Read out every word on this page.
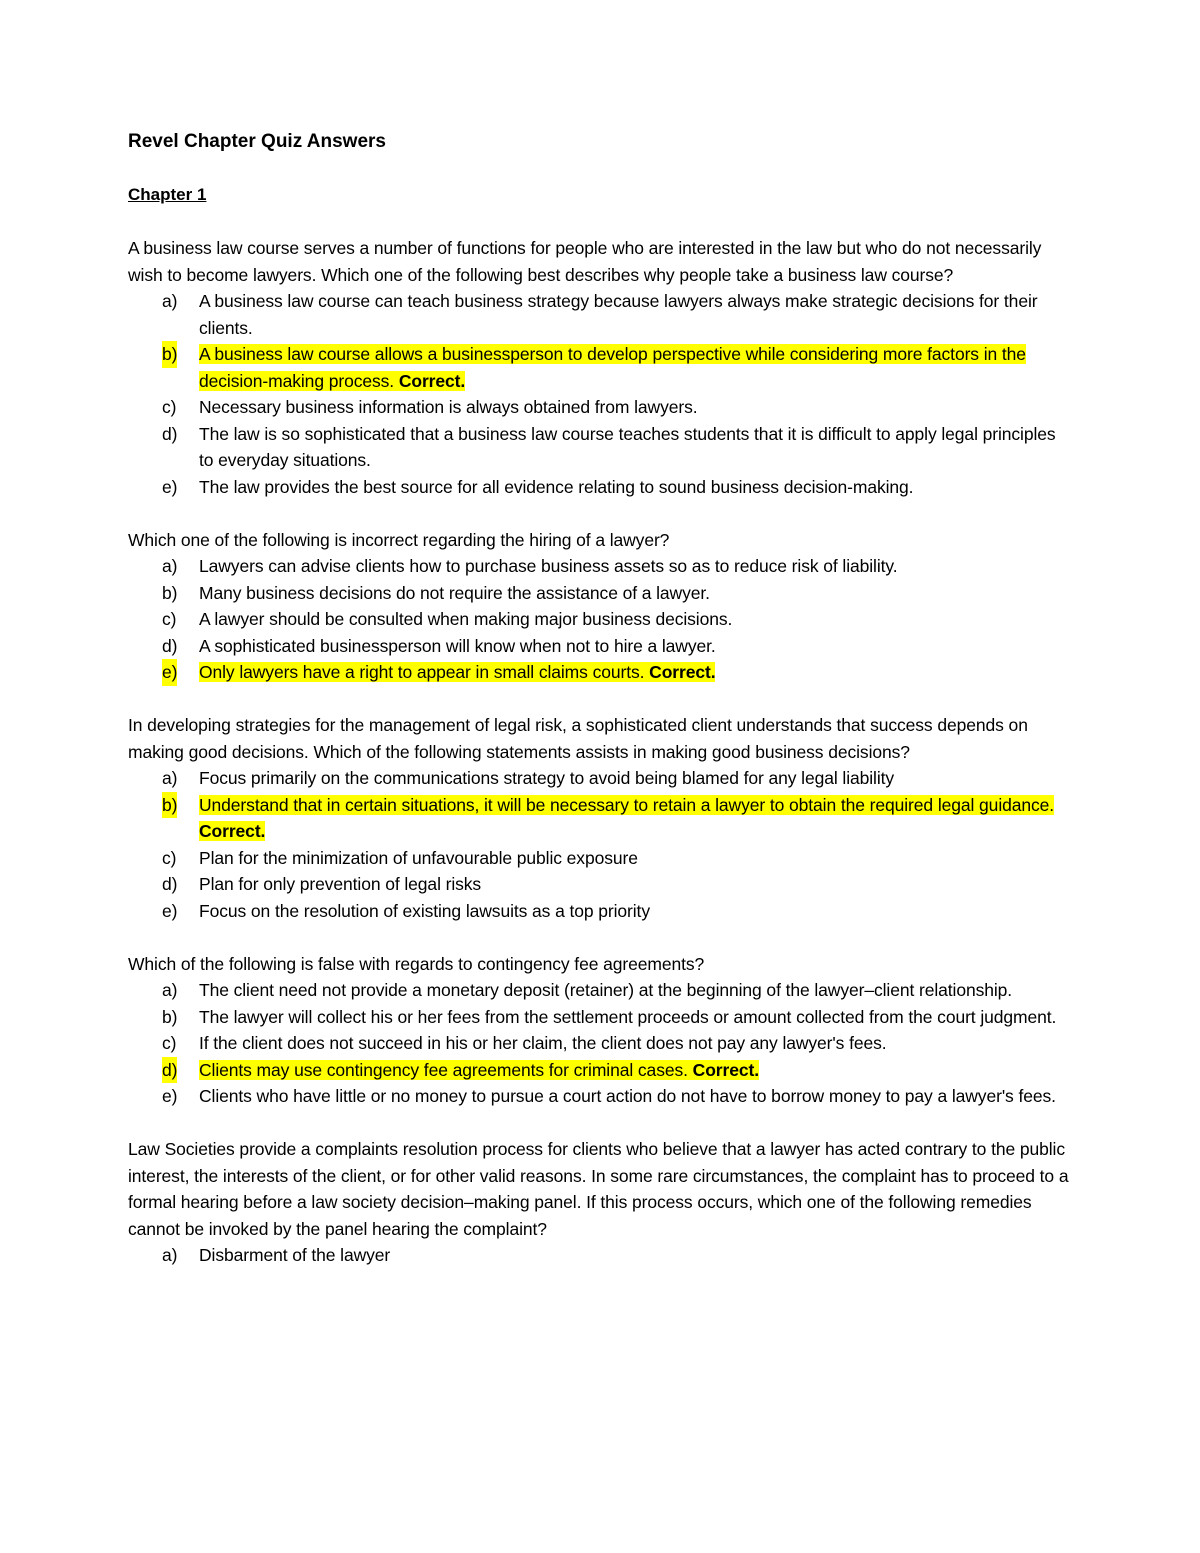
Revel Chapter Quiz Answers
Chapter 1

A business law course serves a number of functions for people who are interested in the law but who do not necessarily wish to become lawyers. Which one of the following best describes why people take a business law course?

a) A business law course can teach business strategy because lawyers always make strategic decisions for their clients.
b) A business law course allows a businessperson to develop perspective while considering more factors in the decision-making process. Correct.
c) Necessary business information is always obtained from lawyers.
d) The law is so sophisticated that a business law course teaches students that it is difficult to apply legal principles to everyday situations.
e) The law provides the best source for all evidence relating to sound business decision-making.

Which one of the following is incorrect regarding the hiring of a lawyer?

a) Lawyers can advise clients how to purchase business assets so as to reduce risk of liability.
b) Many business decisions do not require the assistance of a lawyer.
c) A lawyer should be consulted when making major business decisions.
d) A sophisticated businessperson will know when not to hire a lawyer.
e) Only lawyers have a right to appear in small claims courts. Correct.

In developing strategies for the management of legal risk, a sophisticated client understands that success depends on making good decisions. Which of the following statements assists in making good business decisions?

a) Focus primarily on the communications strategy to avoid being blamed for any legal liability
b) Understand that in certain situations, it will be necessary to retain a lawyer to obtain the required legal guidance. Correct.
c) Plan for the minimization of unfavourable public exposure
d) Plan for only prevention of legal risks
e) Focus on the resolution of existing lawsuits as a top priority

Which of the following is false with regards to contingency fee agreements?

a) The client need not provide a monetary deposit (retainer) at the beginning of the lawyer–client relationship.
b) The lawyer will collect his or her fees from the settlement proceeds or amount collected from the court judgment.
c) If the client does not succeed in his or her claim, the client does not pay any lawyer's fees.
d) Clients may use contingency fee agreements for criminal cases. Correct.
e) Clients who have little or no money to pursue a court action do not have to borrow money to pay a lawyer's fees.

Law Societies provide a complaints resolution process for clients who believe that a lawyer has acted contrary to the public interest, the interests of the client, or for other valid reasons. In some rare circumstances, the complaint has to proceed to a formal hearing before a law society decision–making panel. If this process occurs, which one of the following remedies cannot be invoked by the panel hearing the complaint?

a) Disbarment of the lawyer
